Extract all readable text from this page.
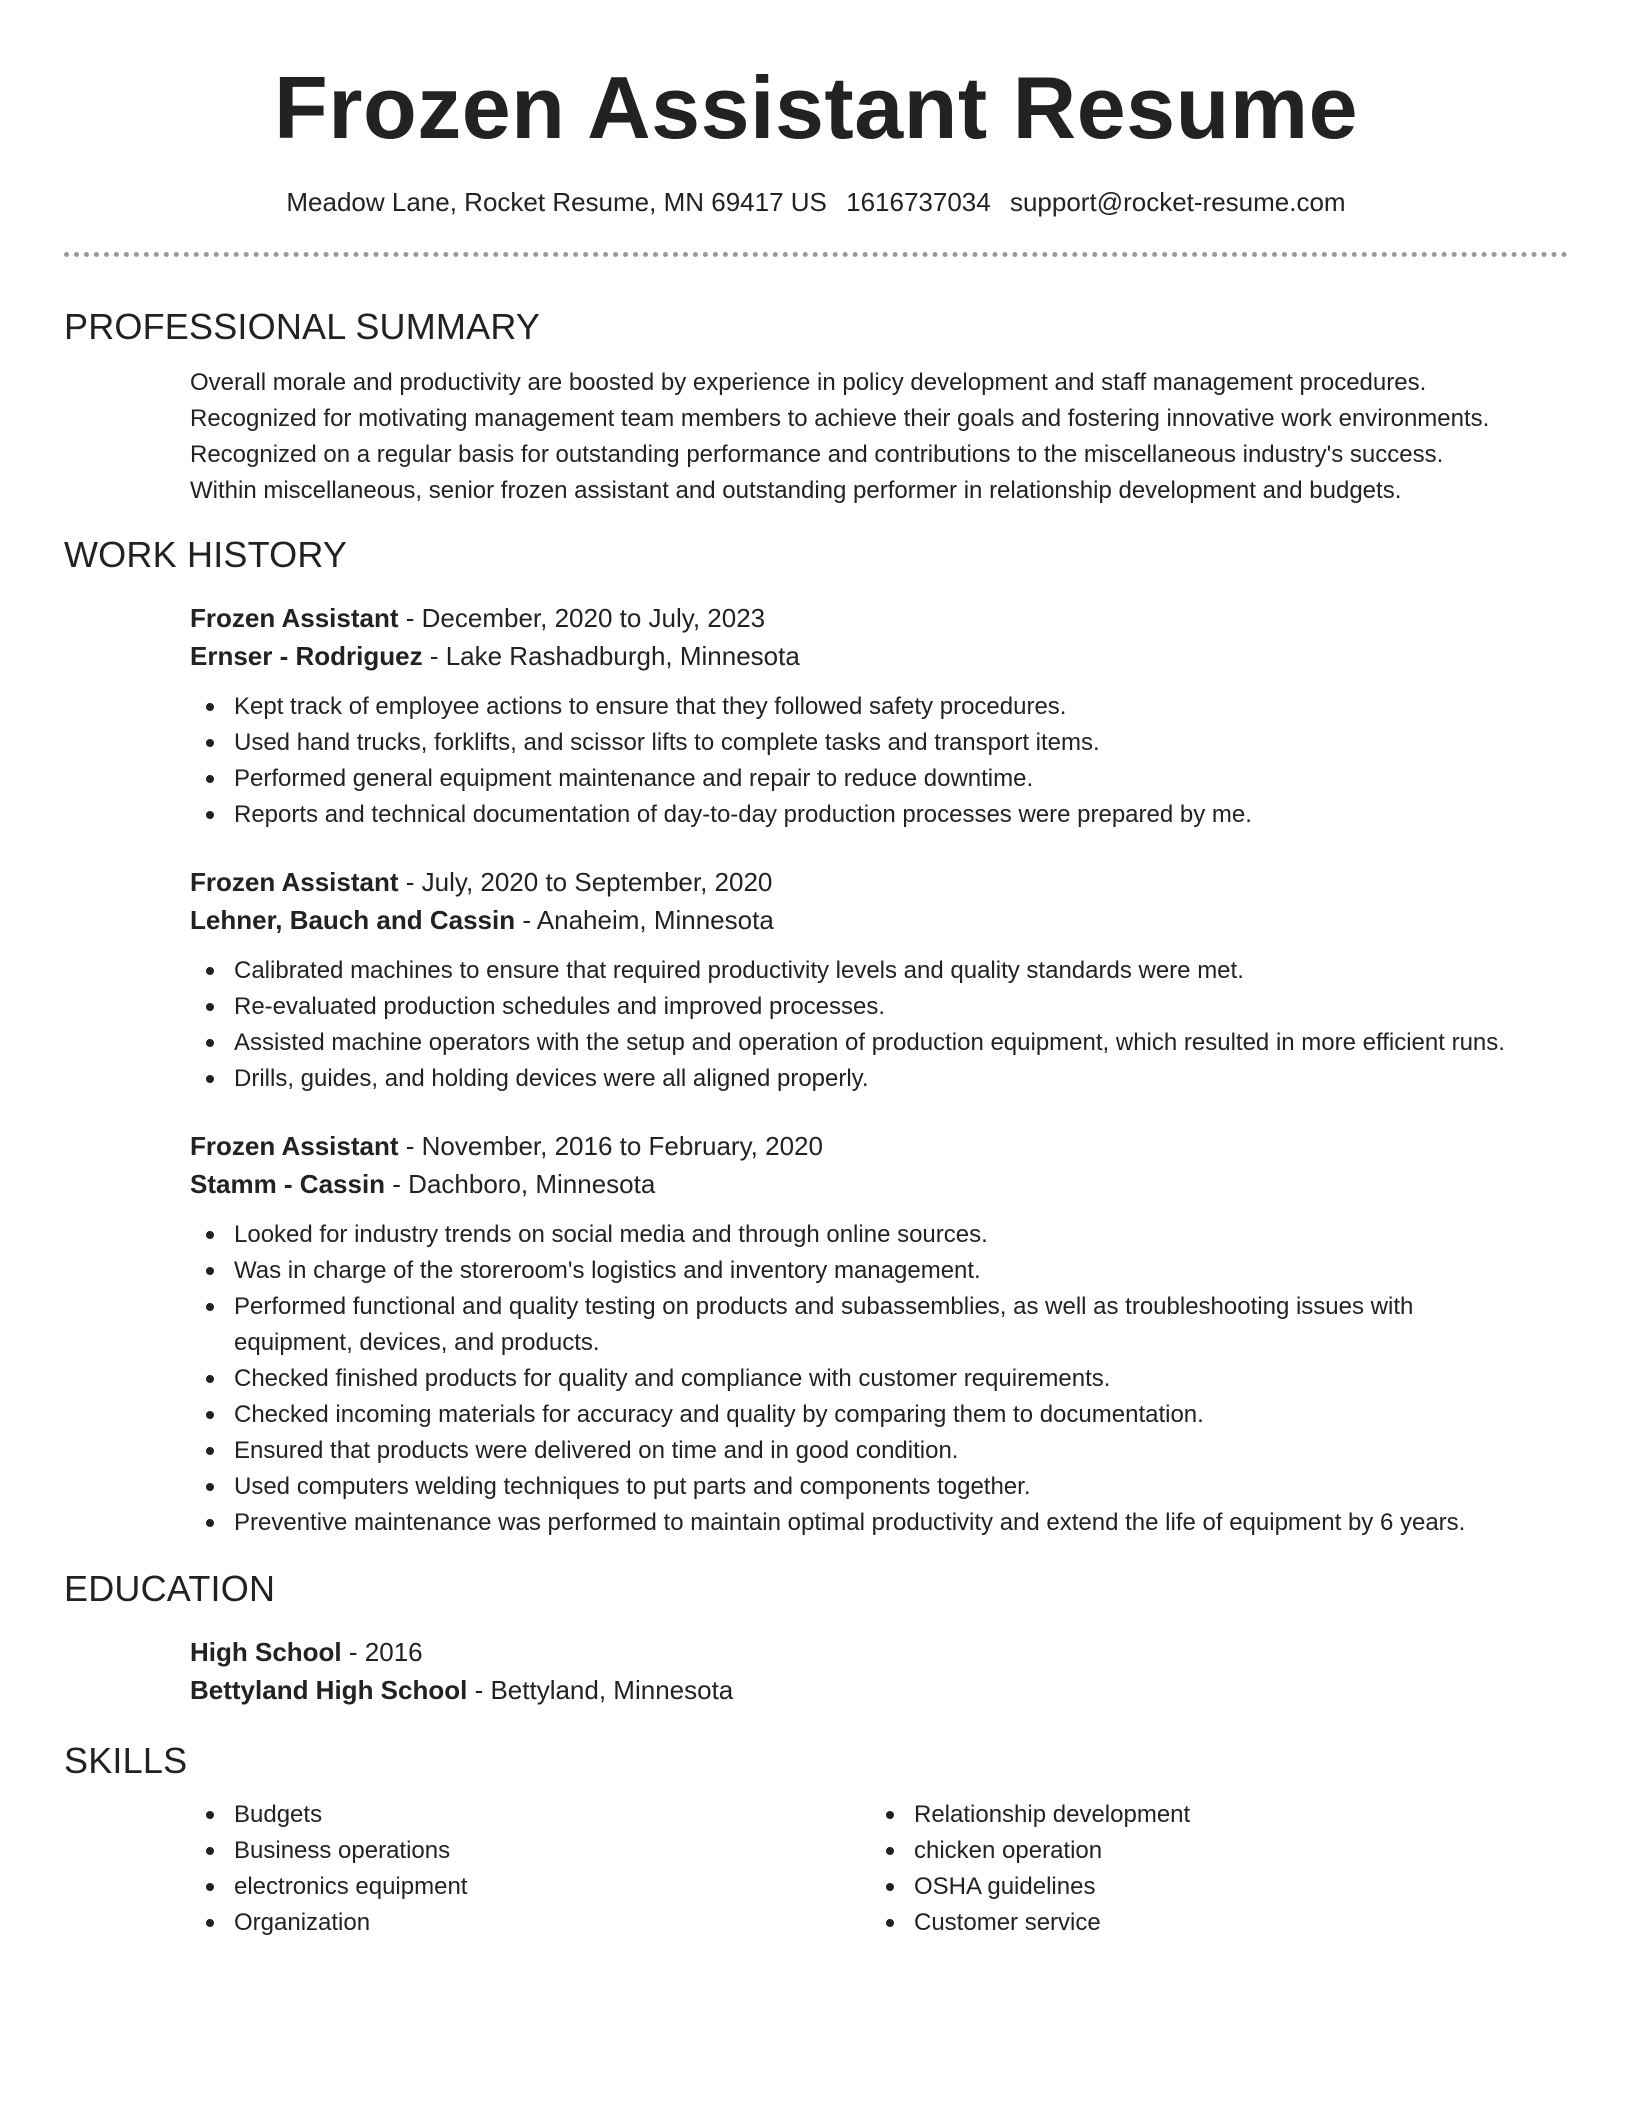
Frozen Assistant Resume
Meadow Lane, Rocket Resume, MN 69417 US 1616737034 support@rocket-resume.com
PROFESSIONAL SUMMARY
Overall morale and productivity are boosted by experience in policy development and staff management procedures.
Recognized for motivating management team members to achieve their goals and fostering innovative work environments.
Recognized on a regular basis for outstanding performance and contributions to the miscellaneous industry's success.
Within miscellaneous, senior frozen assistant and outstanding performer in relationship development and budgets.
WORK HISTORY
Frozen Assistant - December, 2020 to July, 2023
Ernser - Rodriguez - Lake Rashadburgh, Minnesota
Kept track of employee actions to ensure that they followed safety procedures.
Used hand trucks, forklifts, and scissor lifts to complete tasks and transport items.
Performed general equipment maintenance and repair to reduce downtime.
Reports and technical documentation of day-to-day production processes were prepared by me.
Frozen Assistant - July, 2020 to September, 2020
Lehner, Bauch and Cassin - Anaheim, Minnesota
Calibrated machines to ensure that required productivity levels and quality standards were met.
Re-evaluated production schedules and improved processes.
Assisted machine operators with the setup and operation of production equipment, which resulted in more efficient runs.
Drills, guides, and holding devices were all aligned properly.
Frozen Assistant - November, 2016 to February, 2020
Stamm - Cassin - Dachboro, Minnesota
Looked for industry trends on social media and through online sources.
Was in charge of the storeroom's logistics and inventory management.
Performed functional and quality testing on products and subassemblies, as well as troubleshooting issues with equipment, devices, and products.
Checked finished products for quality and compliance with customer requirements.
Checked incoming materials for accuracy and quality by comparing them to documentation.
Ensured that products were delivered on time and in good condition.
Used computers welding techniques to put parts and components together.
Preventive maintenance was performed to maintain optimal productivity and extend the life of equipment by 6 years.
EDUCATION
High School - 2016
Bettyland High School - Bettyland, Minnesota
SKILLS
Budgets
Business operations
electronics equipment
Organization
Relationship development
chicken operation
OSHA guidelines
Customer service
